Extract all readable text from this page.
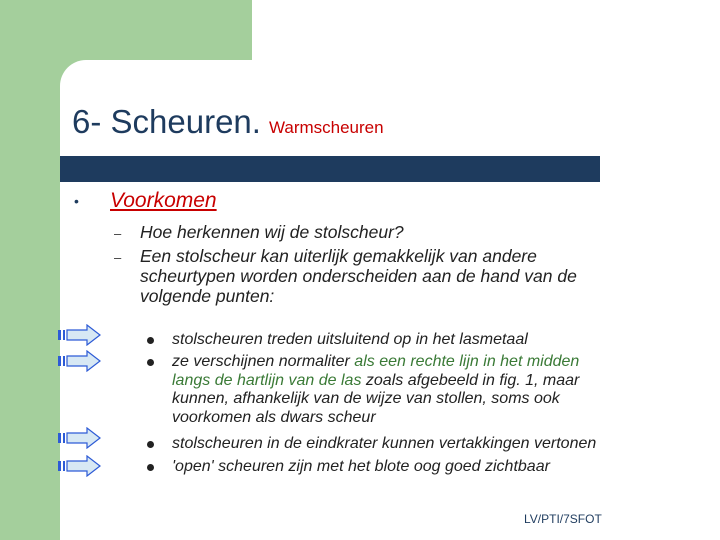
6- Scheuren. Warmscheuren
• Voorkomen
– Hoe herkennen wij de stolscheur?
– Een stolscheur kan uiterlijk gemakkelijk van andere
scheurtypen worden onderscheiden aan de hand van de
volgende punten:
stolscheuren treden uitsluitend op in het lasmetaal
ze verschijnen normaliter als een rechte lijn in het midden
langs de hartlijn van de las zoals afgebeeld in fig. 1, maar
kunnen, afhankelijk van de wijze van stollen, soms ook
voorkomen als dwars scheur
stolscheuren in de eindkrater kunnen vertakkingen vertonen
'open' scheuren zijn met het blote oog goed zichtbaar
LV/PTI/7SFOT
